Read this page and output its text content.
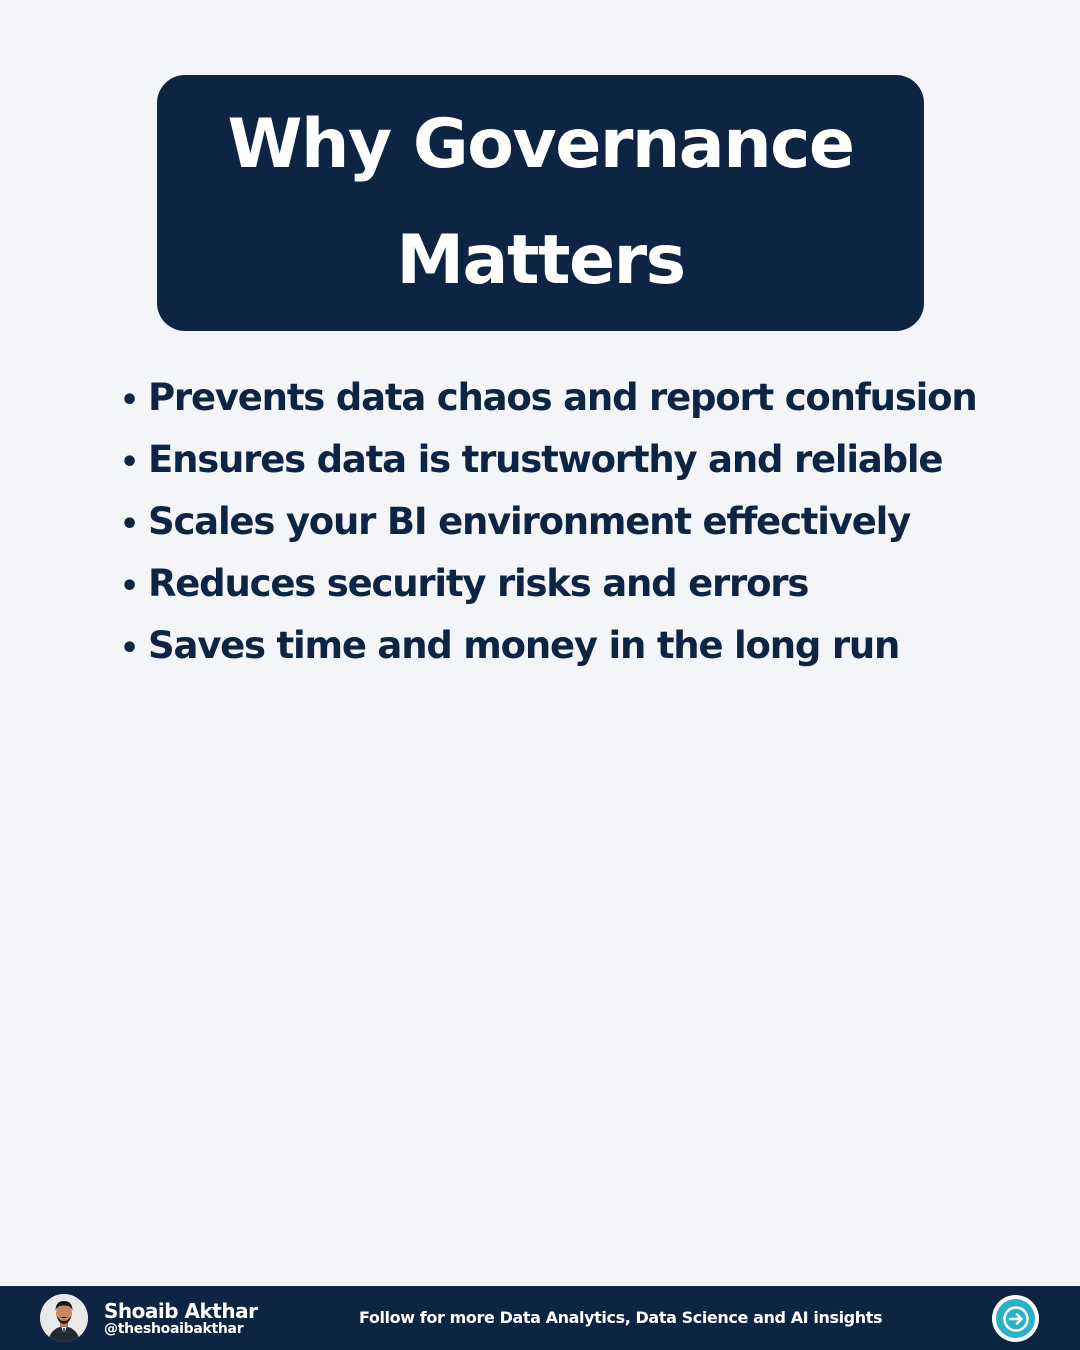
Why Governance
Matters
• Prevents data chaos and report confusion
• Ensures data is trustworthy and reliable
• Scales your BI environment effectively
• Reduces security risks and errors
• Saves time and money in the long run
Shoaib Akthar
@theshoaibakthar
Follow for more Data Analytics, Data Science and AI insights
